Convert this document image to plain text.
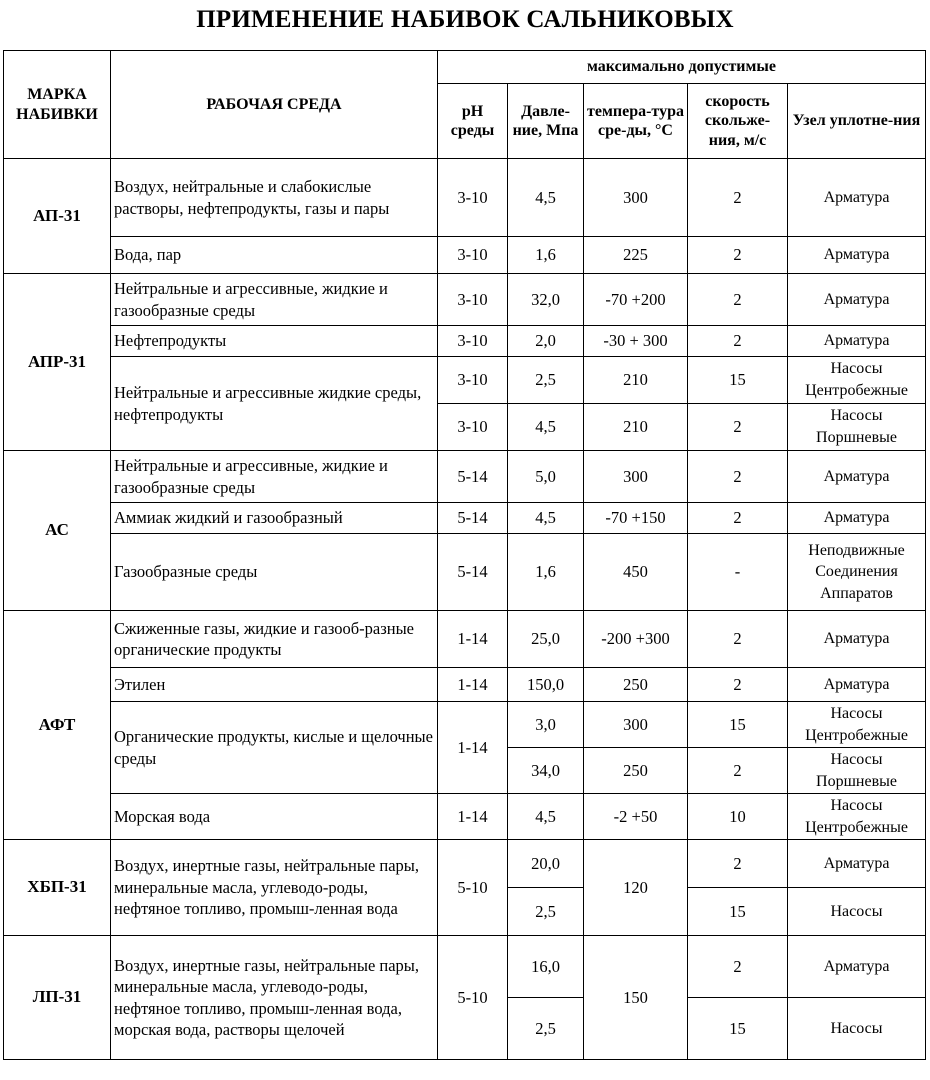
ПРИМЕНЕНИЕ НАБИВОК САЛЬНИКОВЫХ
МАРКА НАБИВКИ	РАБОЧАЯ СРЕДА	максимально допустимые				
		pH среды	Давле-ние, Мпа	темпера-тура сре-ды, °С	скорость скольже-ния, м/с	Узел уплотне-ния
АП-31	Воздух, нейтральные и слабокислые растворы, нефтепродукты, газы и пары	3-10	4,5	300	2	Арматура
	Вода, пар	3-10	1,6	225	2	Арматура
АПР-31	Нейтральные и агрессивные, жидкие и газообразные среды	3-10	32,0	-70 +200	2	Арматура
	Нефтепродукты	3-10	2,0	-30 + 300	2	Арматура
	Нейтральные и агрессивные жидкие среды, нефтепродукты	3-10	2,5	210	15	Насосы
Центробежные
		3-10	4,5	210	2	Насосы
Поршневые
АС	Нейтральные и агрессивные, жидкие и газообразные среды	5-14	5,0	300	2	Арматура
	Аммиак жидкий и газообразный	5-14	4,5	-70 +150	2	Арматура
	Газообразные среды	5-14	1,6	450	-	Неподвижные
Соединения
Аппаратов
АФТ	Сжиженные газы, жидкие и газооб-разные органические продукты	1-14	25,0	-200 +300	2	Арматура
	Этилен	1-14	150,0	250	2	Арматура
	Органические продукты, кислые и щелочные среды	1-14	3,0	300	15	Насосы
Центробежные
			34,0	250	2	Насосы
Поршневые
	Морская вода	1-14	4,5	-2 +50	10	Насосы
Центробежные
ХБП-31	Воздух, инертные газы, нейтральные пары, минеральные масла, углеводо-роды, нефтяное топливо, промыш-ленная вода	5-10	20,0	120	2	Арматура
			2,5		15	Насосы
ЛП-31	Воздух, инертные газы, нейтральные пары, минеральные масла, углеводо-роды, нефтяное топливо, промыш-ленная вода, морская вода, растворы щелочей	5-10	16,0	150	2	Арматура
			2,5		15	Насосы
